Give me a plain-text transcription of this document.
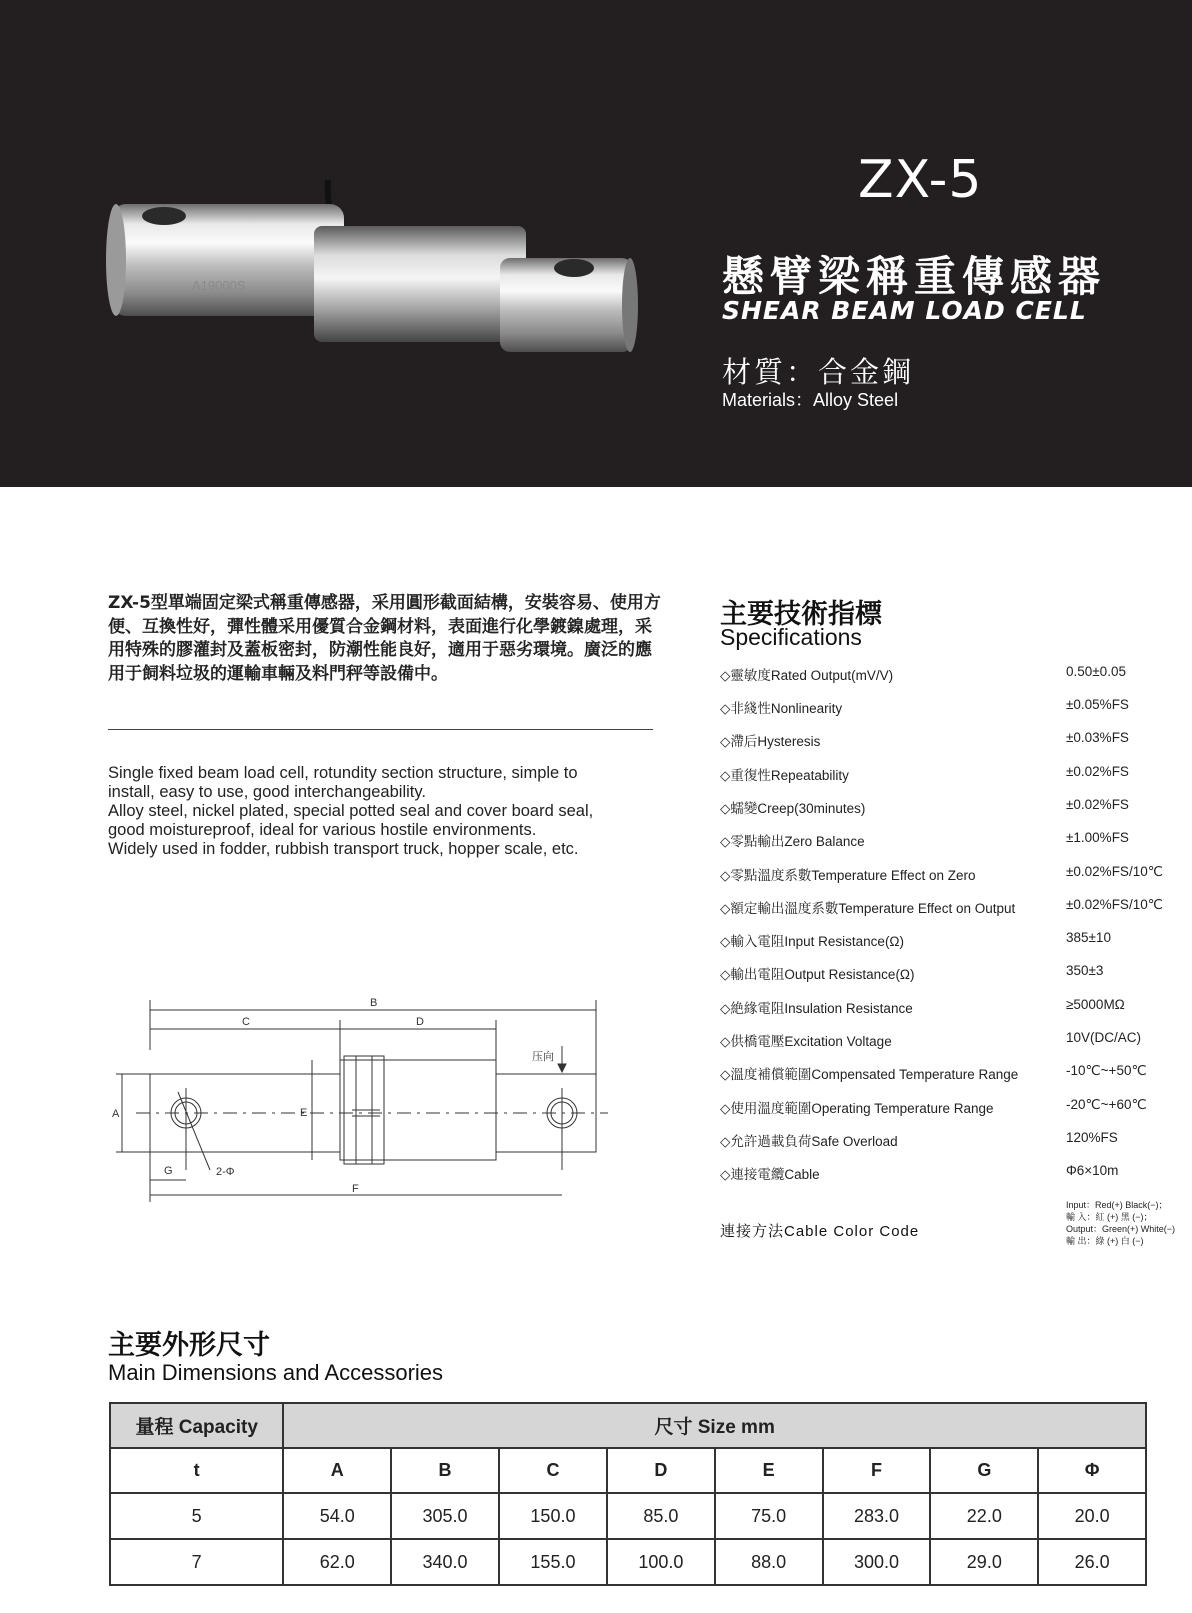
A19000S
ZX-5
懸臂梁稱重傳感器
SHEAR BEAM LOAD CELL
材質：合金鋼
Materials：Alloy Steel
ZX-5型單端固定梁式稱重傳感器，采用圓形截面結構，安裝容易、使用方便、互換性好，彈性體采用優質合金鋼材料，表面進行化學鍍鎳處理，采用特殊的膠灌封及蓋板密封，防潮性能良好，適用于惡劣環境。廣泛的應用于飼料垃圾的運輸車輛及料門秤等設備中。
Single fixed beam load cell, rotundity section structure, simple to
install, easy to use, good interchangeability.
Alloy steel, nickel plated, special potted seal and cover board seal,
good moistureproof, ideal for various hostile environments.
Widely used in fodder, rubbish transport truck, hopper scale, etc.
B
C	D
A	E
G	2-Φ
F
压向
主要技術指標
Specifications
◇靈敏度Rated Output(mV/V)	0.50±0.05
◇非綫性Nonlinearity	±0.05%FS
◇滯后Hysteresis	±0.03%FS
◇重復性Repeatability	±0.02%FS
◇蠕變Creep(30minutes)	±0.02%FS
◇零點輸出Zero Balance	±1.00%FS
◇零點溫度系數Temperature Effect on Zero	±0.02%FS/10℃
◇額定輸出溫度系數Temperature Effect on Output	±0.02%FS/10℃
◇輸入電阻Input Resistance(Ω)	385±10
◇輸出電阻Output Resistance(Ω)	350±3
◇絶緣電阻Insulation Resistance	≥5000MΩ
◇供橋電壓Excitation Voltage	10V(DC/AC)
◇溫度補償範圍Compensated Temperature Range	-10℃~+50℃
◇使用溫度範圍Operating Temperature Range	-20℃~+60℃
◇允許過載負荷Safe Overload	120%FS
◇連接電纜Cable	Φ6×10m
連接方法Cable Color Code
Input：Red(+) Black(−)；
輸 入：紅 (+) 黑 (−)；
Output：Green(+) White(−)
輸 出：綠 (+) 白 (−)
主要外形尺寸
Main Dimensions and Accessories
量程 Capacity	尺寸 Size mm							
t	A	B	C	D	E	F	G	Φ
5	54.0	305.0	150.0	85.0	75.0	283.0	22.0	20.0
7	62.0	340.0	155.0	100.0	88.0	300.0	29.0	26.0
